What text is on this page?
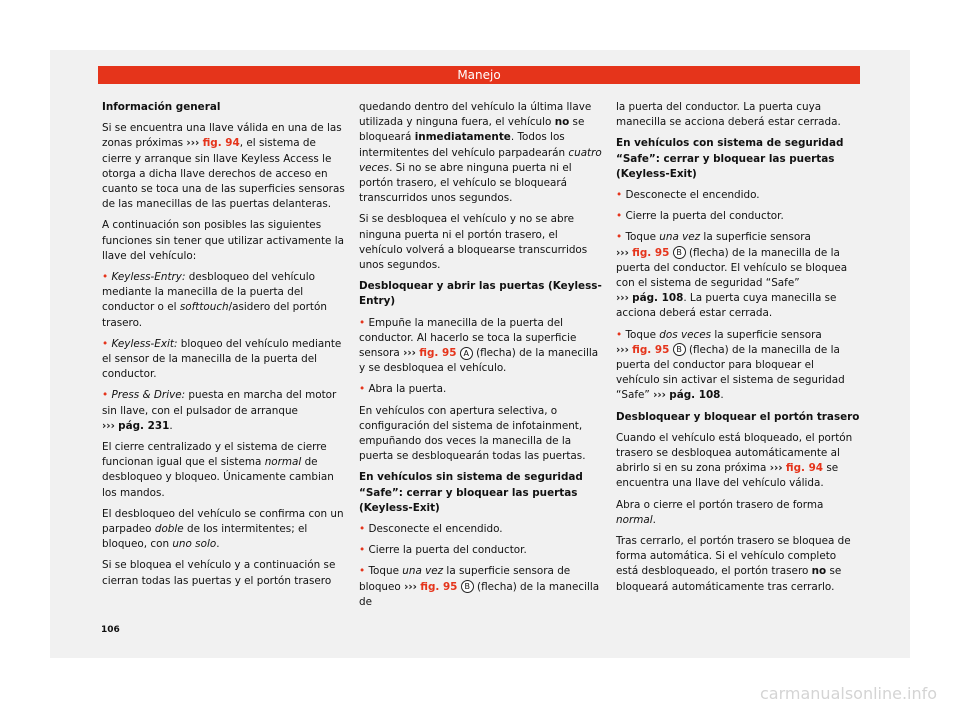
Manejo

Información general

Si se encuentra una llave válida en una de las zonas próximas ››› fig. 94, el sistema de cierre y arranque sin llave Keyless Access le otorga a dicha llave derechos de acceso en cuanto se toca una de las superficies sensoras de las manecillas de las puertas delanteras.

A continuación son posibles las siguientes funciones sin tener que utilizar activamente la llave del vehículo:

• Keyless-Entry: desbloqueo del vehículo mediante la manecilla de la puerta del conductor o el softtouch/asidero del portón trasero.

• Keyless-Exit: bloqueo del vehículo mediante el sensor de la manecilla de la puerta del conductor.

• Press & Drive: puesta en marcha del motor sin llave, con el pulsador de arranque
››› pág. 231.

El cierre centralizado y el sistema de cierre funcionan igual que el sistema normal de desbloqueo y bloqueo. Únicamente cambian los mandos.

El desbloqueo del vehículo se confirma con un parpadeo doble de los intermitentes; el bloqueo, con uno solo.

Si se bloquea el vehículo y a continuación se cierran todas las puertas y el portón trasero

quedando dentro del vehículo la última llave utilizada y ninguna fuera, el vehículo no se bloqueará inmediatamente. Todos los intermitentes del vehículo parpadearán cuatro veces. Si no se abre ninguna puerta ni el portón trasero, el vehículo se bloqueará transcurridos unos segundos.

Si se desbloquea el vehículo y no se abre ninguna puerta ni el portón trasero, el vehículo volverá a bloquearse transcurridos unos segundos.

Desbloquear y abrir las puertas (Keyless-Entry)

• Empuñe la manecilla de la puerta del conductor. Al hacerlo se toca la superficie sensora ››› fig. 95 A (flecha) de la manecilla y se desbloquea el vehículo.

• Abra la puerta.

En vehículos con apertura selectiva, o configuración del sistema de infotainment, empuñando dos veces la manecilla de la puerta se desbloquearán todas las puertas.

En vehículos sin sistema de seguridad “Safe”: cerrar y bloquear las puertas (Keyless-Exit)

• Desconecte el encendido.

• Cierre la puerta del conductor.

• Toque una vez la superficie sensora de bloqueo ››› fig. 95 B (flecha) de la manecilla de

la puerta del conductor. La puerta cuya manecilla se acciona deberá estar cerrada.

En vehículos con sistema de seguridad “Safe”: cerrar y bloquear las puertas (Keyless-Exit)

• Desconecte el encendido.

• Cierre la puerta del conductor.

• Toque una vez la superficie sensora
››› fig. 95 B (flecha) de la manecilla de la puerta del conductor. El vehículo se bloquea con el sistema de seguridad “Safe”
››› pág. 108. La puerta cuya manecilla se acciona deberá estar cerrada.

• Toque dos veces la superficie sensora
››› fig. 95 B (flecha) de la manecilla de la puerta del conductor para bloquear el vehículo sin activar el sistema de seguridad “Safe” ››› pág. 108.

Desbloquear y bloquear el portón trasero

Cuando el vehículo está bloqueado, el portón trasero se desbloquea automáticamente al abrirlo si en su zona próxima ››› fig. 94 se encuentra una llave del vehículo válida.

Abra o cierre el portón trasero de forma normal.

Tras cerrarlo, el portón trasero se bloquea de forma automática. Si el vehículo completo está desbloqueado, el portón trasero no se bloqueará automáticamente tras cerrarlo.

106
carmanualsonline.info
